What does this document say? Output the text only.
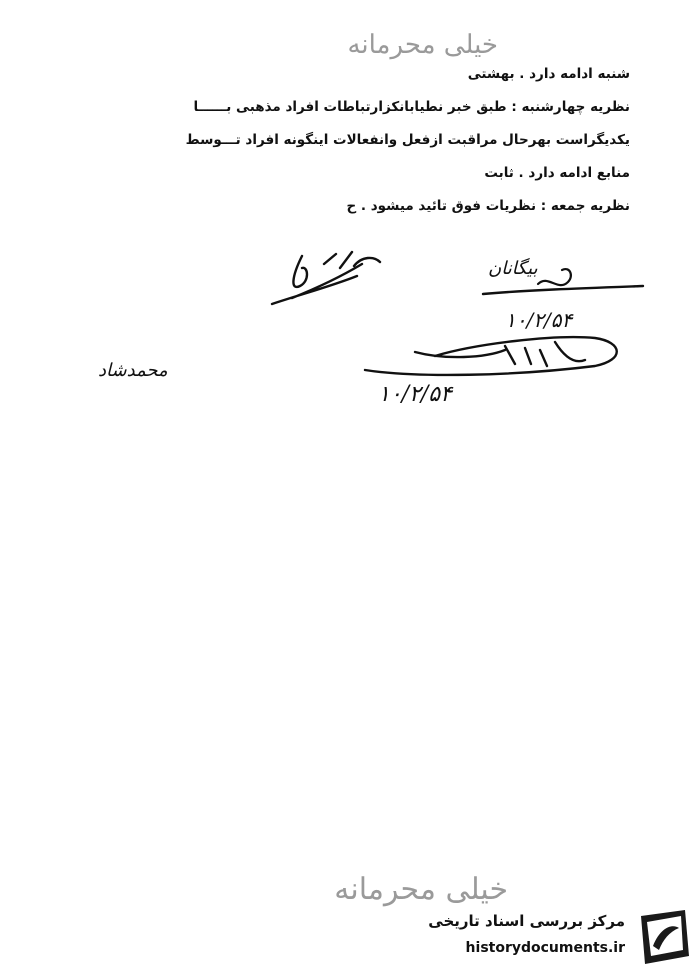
خیلی محرمانه
شنبه ادامه دارد . بهشتی
نظریه چهارشنبه : طبق خبر نطیابانکزارتباطات افراد مذهبی بــــــا
یکدیگراست بهرحال مراقبت ازفعل وانفعالات اینگونه افراد تـــوسط
منابع ادامه دارد . ثابت
نظریه جمعه : نظریات فوق تائید میشود . ح
بیگانان
۱۰/۲/۵۴
۱۰/۲/۵۴
محمدشاد
خیلی محرمانه
مرکز بررسی اسناد تاریخی
historydocuments.ir
